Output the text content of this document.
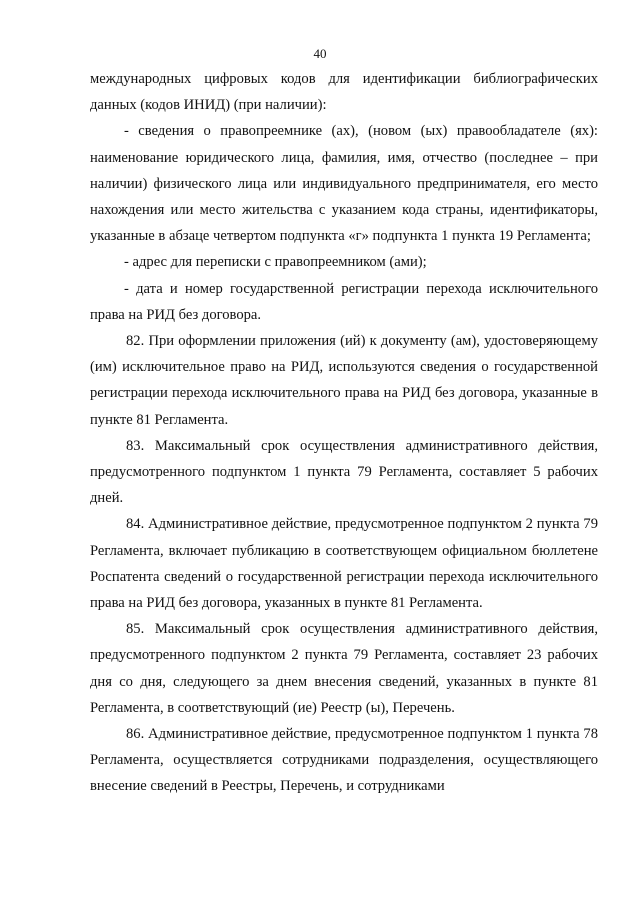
40

международных цифровых кодов для идентификации библиографических данных (кодов ИНИД) (при наличии):

- сведения о правопреемнике (ах), (новом (ых) правообладателе (ях): наименование юридического лица, фамилия, имя, отчество (последнее – при наличии) физического лица или индивидуального предпринимателя, его место нахождения или место жительства с указанием кода страны, идентификаторы, указанные в абзаце четвертом подпункта «г» подпункта 1 пункта 19 Регламента;

- адрес для переписки с правопреемником (ами);

- дата и номер государственной регистрации перехода исключительного права на РИД без договора.

82. При оформлении приложения (ий) к документу (ам), удостоверяющему (им) исключительное право на РИД, используются сведения о государственной регистрации перехода исключительного права на РИД без договора, указанные в пункте 81 Регламента.

83. Максимальный срок осуществления административного действия, предусмотренного подпунктом 1 пункта 79 Регламента, составляет 5 рабочих дней.

84. Административное действие, предусмотренное подпунктом 2 пункта 79 Регламента, включает публикацию в соответствующем официальном бюллетене Роспатента сведений о государственной регистрации перехода исключительного права на РИД без договора, указанных в пункте 81 Регламента.

85. Максимальный срок осуществления административного действия, предусмотренного подпунктом 2 пункта 79 Регламента, составляет 23 рабочих дня со дня, следующего за днем внесения сведений, указанных в пункте 81 Регламента, в соответствующий (ие) Реестр (ы), Перечень.

86. Административное действие, предусмотренное подпунктом 1 пункта 78 Регламента, осуществляется сотрудниками подразделения, осуществляющего внесение сведений в Реестры, Перечень, и сотрудниками
